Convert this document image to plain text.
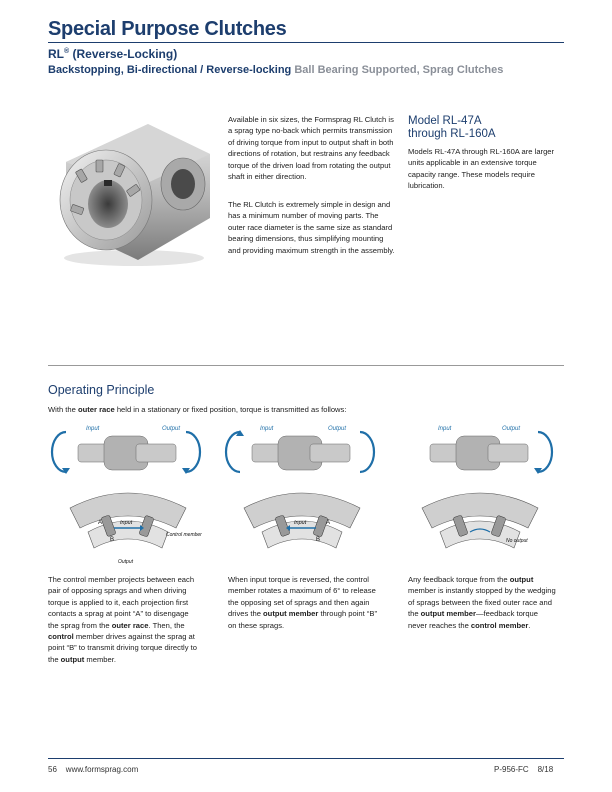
Special Purpose Clutches
RL® (Reverse-Locking)
Backstopping, Bi-directional / Reverse-locking Ball Bearing Supported, Sprag Clutches
Available in six sizes, the Formsprag RL Clutch is a sprag type no-back which permits transmission of driving torque from input to output shaft in both directions of rotation, but restrains any feedback torque of the driven load from rotating the output shaft in either direction.
The RL Clutch is extremely simple in design and has a minimum number of moving parts. The outer race diameter is the same size as standard bearing dimensions, thus simplifying mounting and providing maximum strength in the assembly.
Model RL-47A
through RL-160A
Models RL-47A through RL-160A are larger units applicable in an extensive torque capacity range. These models require lubrication.
Operating Principle
With the outer race held in a stationary or fixed position, torque is transmitted as follows:
Input	Output
A
B
Input
Control member
Output
Input	Output
A
B
Input
Input	Output
No output
The control member projects between each pair of opposing sprags and when driving torque is applied to it, each projection first contacts a sprag at point “A” to disengage the sprag from the outer race. Then, the control member drives against the sprag at point “B” to transmit driving torque directly to the output member.
When input torque is reversed, the control member rotates a maximum of 6° to release the opposing set of sprags and then again drives the output member through point “B” on these sprags.
Any feedback torque from the output member is instantly stopped by the wedging of sprags between the fixed outer race and the output member—feedback torque never reaches the control member.
56    www.formsprag.com	P-956-FC    8/18
